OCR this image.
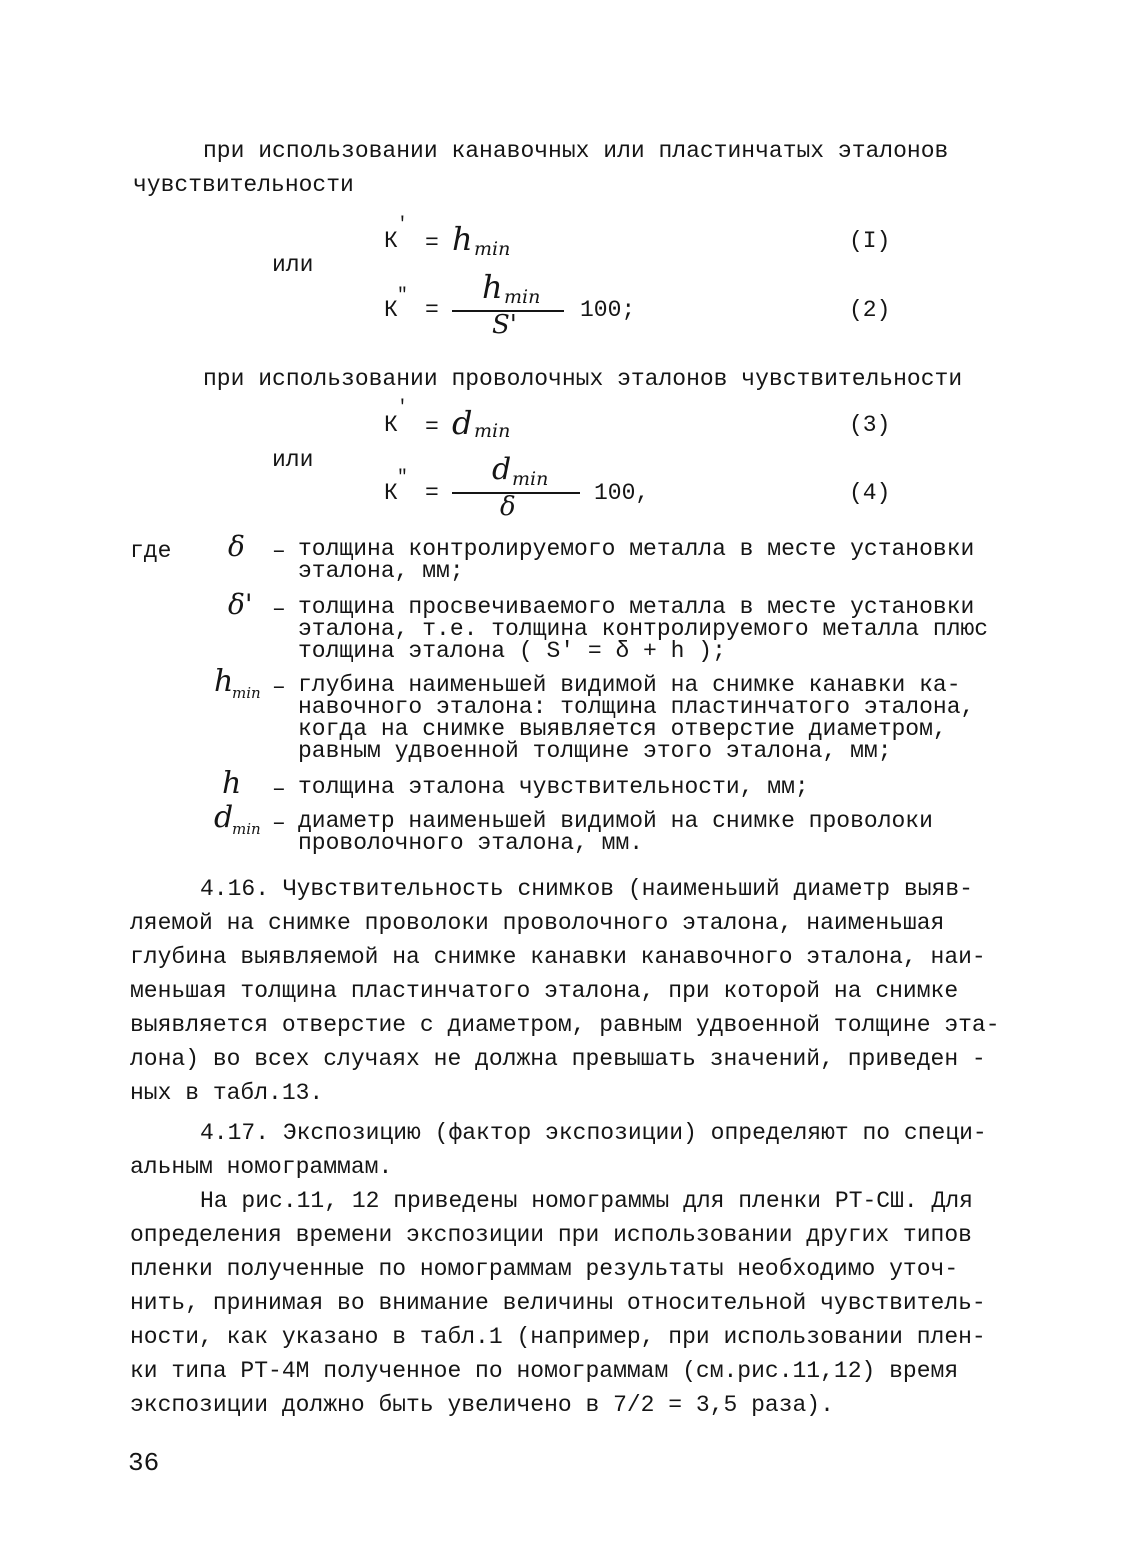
при использовании канавочных или пластинчатых эталонов
чувствительности
К
'
= h min	(I)
или
К
"
=
h min
S'	100;	(2)
при использовании проволочных эталонов чувствительности
К
'
= d min	(3)
или
К
"
=
d min
δ	100,	(4)
где δ – толщина контролируемого металла в месте установки
эталона, мм;
δ' – толщина просвечиваемого металла в месте установки
эталона, т.е. толщина контролируемого металла плюс
толщина эталона ( S' = δ + h );
h
min – глубина наименьшей видимой на снимке канавки ка-
навочного эталона: толщина пластинчатого эталона,
когда на снимке выявляется отверстие диаметром,
равным удвоенной толщине этого эталона, мм;
h – толщина эталона чувствительности, мм;
d
min – диаметр наименьшей видимой на снимке проволоки
проволочного эталона, мм.
4.16. Чувствительность снимков (наименьший диаметр выяв-
ляемой на снимке проволоки проволочного эталона, наименьшая
глубина выявляемой на снимке канавки канавочного эталона, наи-
меньшая толщина пластинчатого эталона, при которой на снимке
выявляется отверстие с диаметром, равным удвоенной толщине эта-
лона) во всех случаях не должна превышать значений, приведен -
ных в табл.13.
4.17. Экспозицию (фактор экспозиции) определяют по специ-
альным номограммам.
На рис.11, 12 приведены номограммы для пленки РТ-СШ. Для
определения времени экспозиции при использовании других типов
пленки полученные по номограммам результаты необходимо уточ-
нить, принимая во внимание величины относительной чувствитель-
ности, как указано в табл.1 (например, при использовании плен-
ки типа РТ-4М полученное по номограммам (см.рис.11,12) время
экспозиции должно быть увеличено в 7/2 = 3,5 раза).
36
